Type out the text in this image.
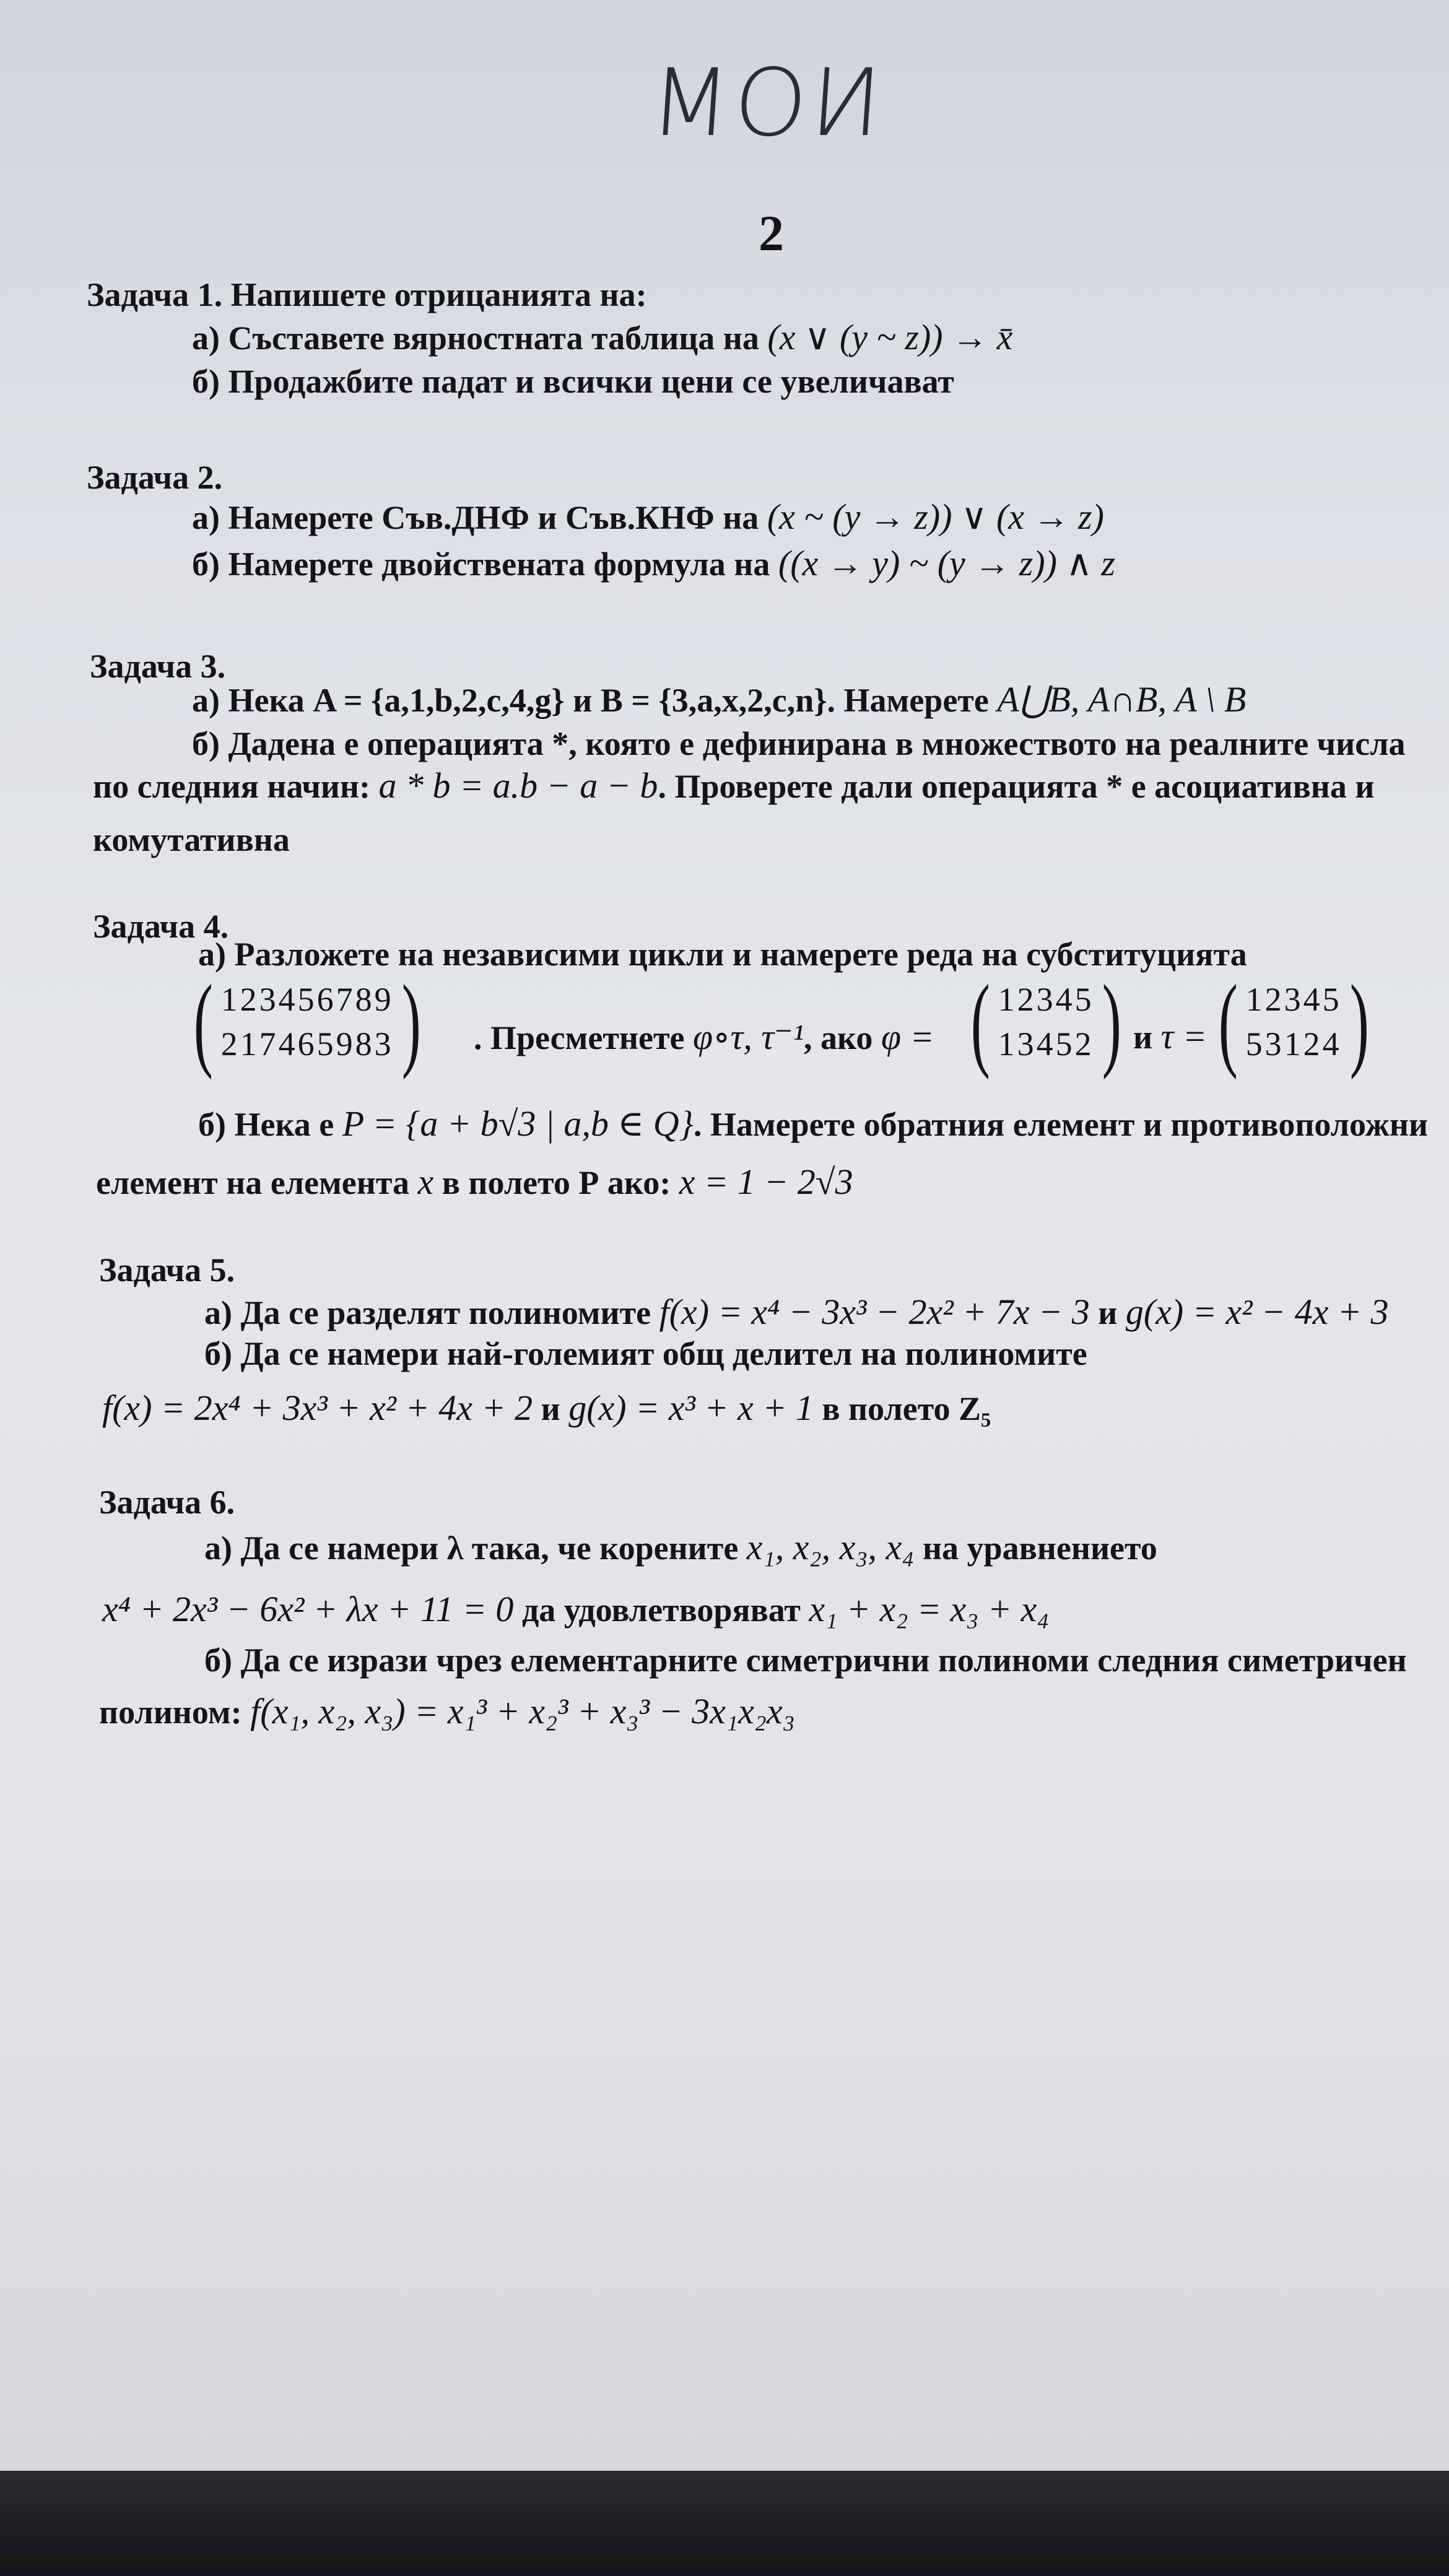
МОИ
2
Задача 1. Напишете отрицанията на:
а) Съставете вярностната таблица на (x ∨ (y ~ z)) → x̄
б) Продажбите падат и всички цени се увеличават
Задача 2.
а) Намерете Съв.ДНФ и Съв.КНФ на (x ~ (y → z)) ∨ (x → z)
б) Намерете двойствената формула на ((x → y) ~ (y → z)) ∧ z
Задача 3.
а) Нека A = {a,1,b,2,c,4,g} и B = {3,a,x,2,c,n}. Намерете A⋃B, A∩B, A \ B
б) Дадена е операцията *, която е дефинирана в множеството на реалните числа
по следния начин: a * b = a.b − a − b. Проверете дали операцията * е асоциативна и
комутативна
Задача 4.
а) Разложете на независими цикли и намерете реда на субституцията
( 123456789
217465983 ) . Пресметнете φ∘τ, τ⁻¹, ако φ = ( 12345
13452 ) и τ = ( 12345
53124 )
б) Нека е P = {a + b√3 | a,b ∈ Q}. Намерете обратния елемент и противоположни
елемент на елемента x в полето Р ако: x = 1 − 2√3
Задача 5.
а) Да се разделят полиномите f(x) = x⁴ − 3x³ − 2x² + 7x − 3 и g(x) = x² − 4x + 3
б) Да се намери най-големият общ делител на полиномите
f(x) = 2x⁴ + 3x³ + x² + 4x + 2 и g(x) = x³ + x + 1 в полето Z₅
Задача 6.
а) Да се намери λ така, че корените x₁, x₂, x₃, x₄ на уравнението
x⁴ + 2x³ − 6x² + λx + 11 = 0 да удовлетворяват x₁ + x₂ = x₃ + x₄
б) Да се изрази чрез елементарните симетрични полиноми следния симетричен
полином: f(x₁, x₂, x₃) = x₁³ + x₂³ + x₃³ − 3x₁x₂x₃
